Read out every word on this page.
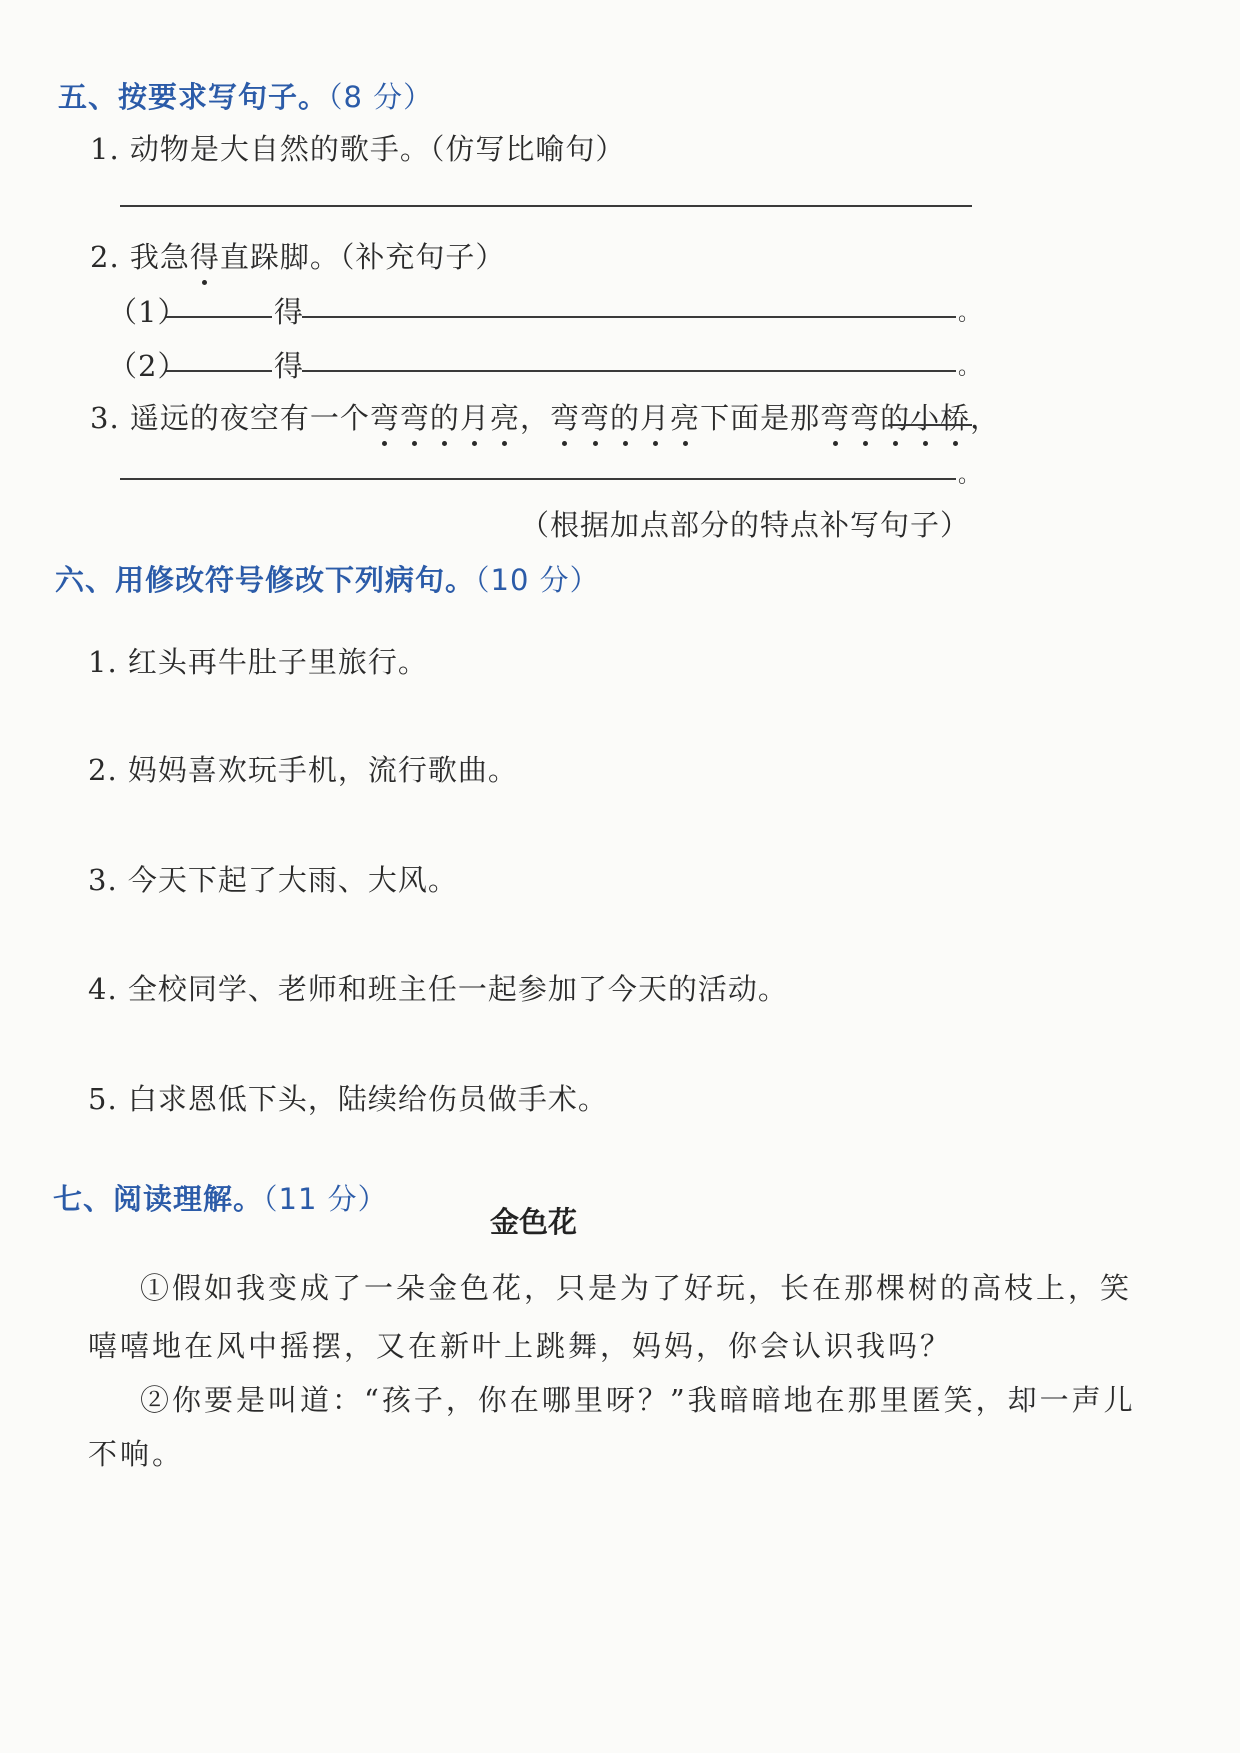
五、按要求写句子。（8 分）
1. 动物是大自然的歌手。（仿写比喻句）
2. 我急得直跺脚。（补充句子）
（1）	得	。
（2）	得	。
3. 遥远的夜空有一个弯弯的月亮，弯弯的月亮下面是那弯弯的小桥，
。
（根据加点部分的特点补写句子）
六、用修改符号修改下列病句。（10 分）
1. 红头再牛肚子里旅行。
2. 妈妈喜欢玩手机，流行歌曲。
3. 今天下起了大雨、大风。
4. 全校同学、老师和班主任一起参加了今天的活动。
5. 白求恩低下头，陆续给伤员做手术。
七、阅读理解。（11 分）
金色花
①假如我变成了一朵金色花，只是为了好玩，长在那棵树的高枝上，笑
嘻嘻地在风中摇摆，又在新叶上跳舞，妈妈，你会认识我吗？
②你要是叫道：“孩子，你在哪里呀？”我暗暗地在那里匿笑，却一声儿
不响。
